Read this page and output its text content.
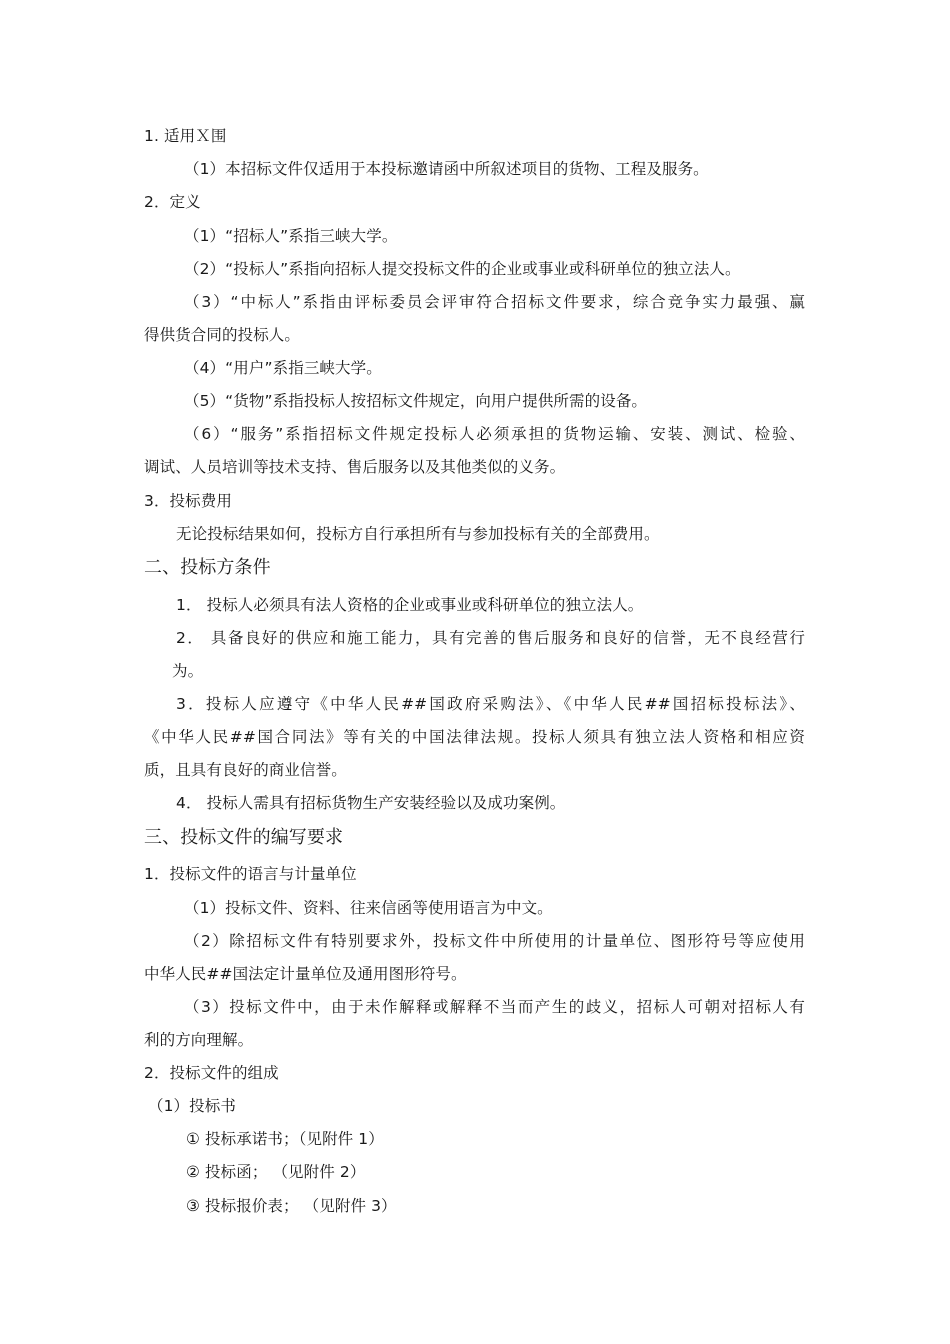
1. 适用Ｘ围
（1）本招标文件仅适用于本投标邀请函中所叙述项目的货物、工程及服务。
2．定义
（1）“招标人”系指三峡大学。
（2）“投标人”系指向招标人提交投标文件的企业或事业或科研单位的独立法人。
（3）“中标人”系指由评标委员会评审符合招标文件要求，综合竞争实力最强、赢
得供货合同的投标人。
（4）“用户”系指三峡大学。
（5）“货物”系指投标人按招标文件规定，向用户提供所需的设备。
（6）“服务”系指招标文件规定投标人必须承担的货物运输、安装、测试、检验、
调试、人员培训等技术支持、售后服务以及其他类似的义务。
3．投标费用
无论投标结果如何，投标方自行承担所有与参加投标有关的全部费用。
二、投标方条件
1． 投标人必须具有法人资格的企业或事业或科研单位的独立法人。
2． 具备良好的供应和施工能力，具有完善的售后服务和良好的信誉，无不良经营行
为。
3．投标人应遵守《中华人民##国政府采购法》、《中华人民##国招标投标法》、
《中华人民##国合同法》等有关的中国法律法规。投标人须具有独立法人资格和相应资
质，且具有良好的商业信誉。
4． 投标人需具有招标货物生产安装经验以及成功案例。
三、投标文件的编写要求
1．投标文件的语言与计量单位
（1）投标文件、资料、往来信函等使用语言为中文。
（2）除招标文件有特别要求外，投标文件中所使用的计量单位、图形符号等应使用
中华人民##国法定计量单位及通用图形符号。
（3）投标文件中，由于未作解释或解释不当而产生的歧义，招标人可朝对招标人有
利的方向理解。
2．投标文件的组成
（1）投标书
① 投标承诺书；（见附件 1）
② 投标函； （见附件 2）
③ 投标报价表； （见附件 3）
